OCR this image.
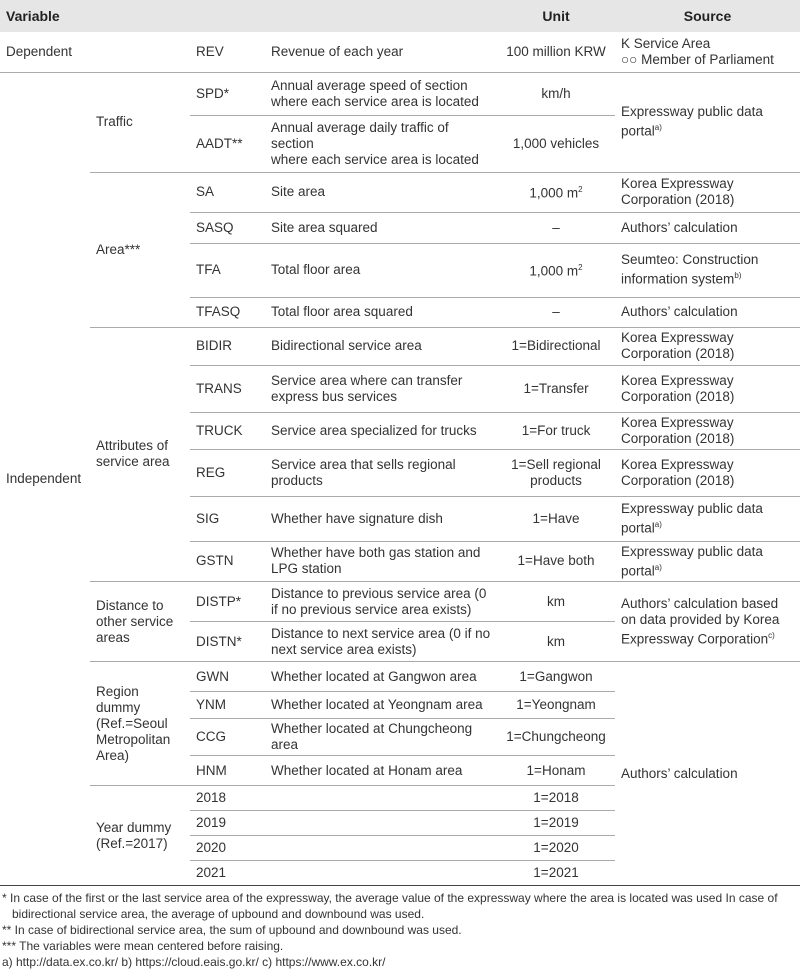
Variable				Unit	Source
Dependent		REV	Revenue of each year	100 million KRW	K Service Area
○○ Member of Parliament
Independent	Traffic	SPD*	Annual average speed of section where each service area is located	km/h	Expressway public data portal$^{a)}$
		AADT**	Annual average daily traffic of section
where each service area is located	1,000 vehicles	
	Area***	SA	Site area	1,000 $m^2$	Korea Expressway Corporation (2018)
		SASQ	Site area squared	–	Authors’ calculation
		TFA	Total floor area	1,000 $m^2$	Seumteo: Construction information system$^{b)}$
		TFASQ	Total floor area squared	–	Authors’ calculation
	Attributes of service area	BIDIR	Bidirectional service area	1=Bidirectional	Korea Expressway Corporation (2018)
		TRANS	Service area where can transfer express bus services	1=Transfer	Korea Expressway Corporation (2018)
		TRUCK	Service area specialized for trucks	1=For truck	Korea Expressway Corporation (2018)
		REG	Service area that sells regional products	1=Sell regional products	Korea Expressway Corporation (2018)
		SIG	Whether have signature dish	1=Have	Expressway public data portal$^{a)}$
		GSTN	Whether have both gas station and LPG station	1=Have both	Expressway public data portal$^{a)}$
	Distance to other service areas	DISTP*	Distance to previous service area (0 if no previous service area exists)	km	Authors’ calculation based on data provided by Korea Expressway Corporation$^{c)}$
		DISTN*	Distance to next service area (0 if no next service area exists)	km	
	Region dummy (Ref.=Seoul Metropolitan Area)	GWN	Whether located at Gangwon area	1=Gangwon	Authors’ calculation
		YNM	Whether located at Yeongnam area	1=Yeongnam	
		CCG	Whether located at Chungcheong area	1=Chungcheong	
		HNM	Whether located at Honam area	1=Honam	
	Year dummy (Ref.=2017)	2018		1=2018	
		2019		1=2019	
		2020		1=2020	
		2021		1=2021	
* In case of the first or the last service area of the expressway, the average value of the expressway where the area is located was used In case of
bidirectional service area, the average of upbound and downbound was used.
** In case of bidirectional service area, the sum of upbound and downbound was used.
*** The variables were mean centered before raising.
a) http://data.ex.co.kr/ b) https://cloud.eais.go.kr/ c) https://www.ex.co.kr/
